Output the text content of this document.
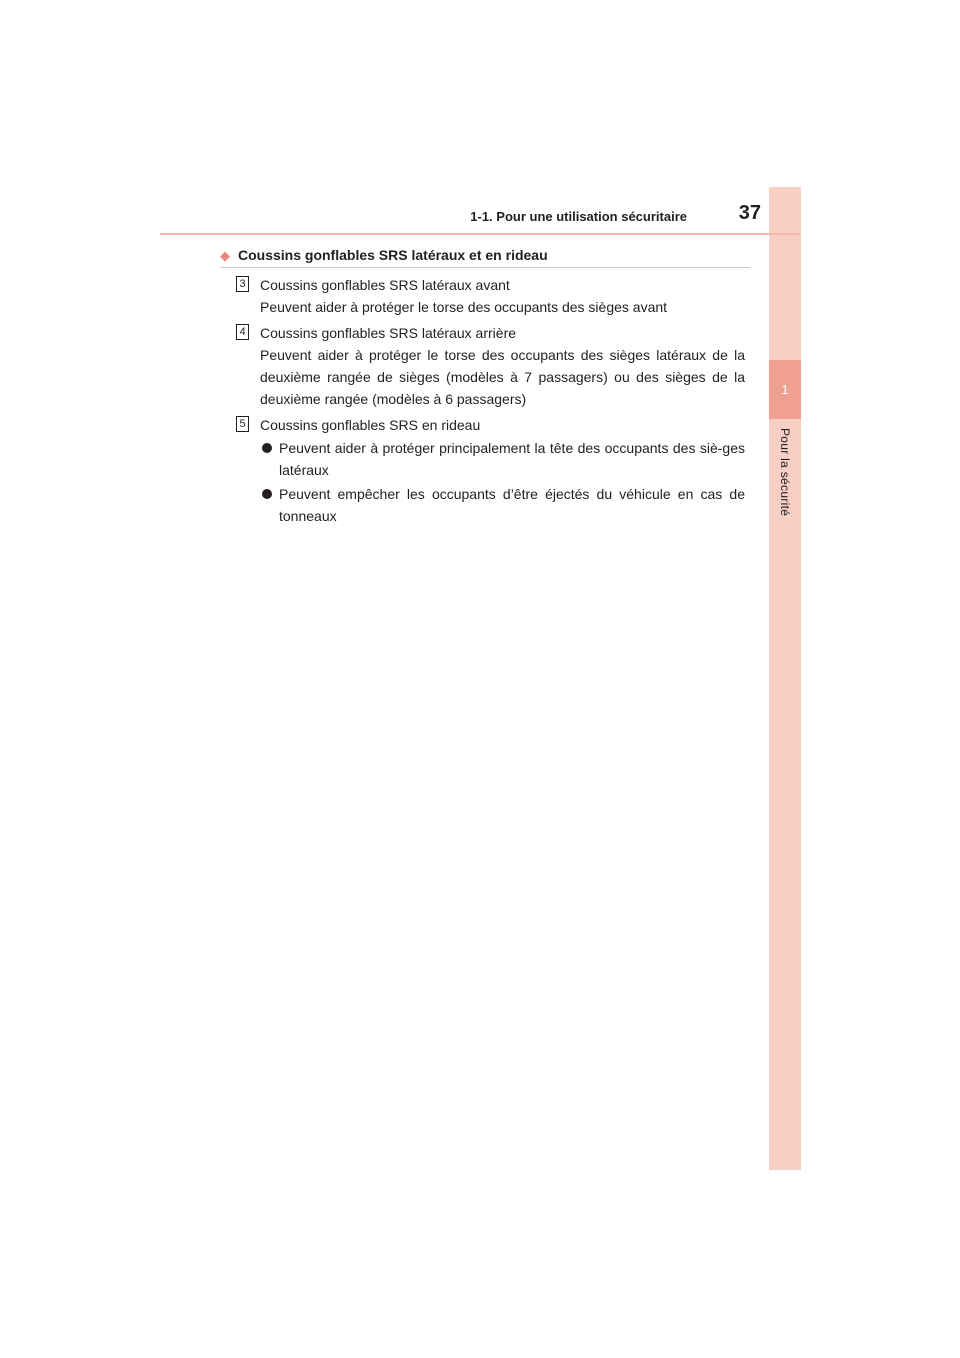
1
Pour la sécurité
1-1. Pour une utilisation sécuritaire	37
◆ Coussins gonflables SRS latéraux et en rideau
3 Coussins gonflables SRS latéraux avant
Peuvent aider à protéger le torse des occupants des sièges avant
4 Coussins gonflables SRS latéraux arrière
Peuvent aider à protéger le torse des occupants des sièges latéraux de la deuxième rangée de sièges (modèles à 7 passagers) ou des sièges de la deuxième rangée (modèles à 6 passagers)
5 Coussins gonflables SRS en rideau
Peuvent aider à protéger principalement la tête des occupants des siè-ges latéraux
Peuvent empêcher les occupants d’être éjectés du véhicule en cas de tonneaux
